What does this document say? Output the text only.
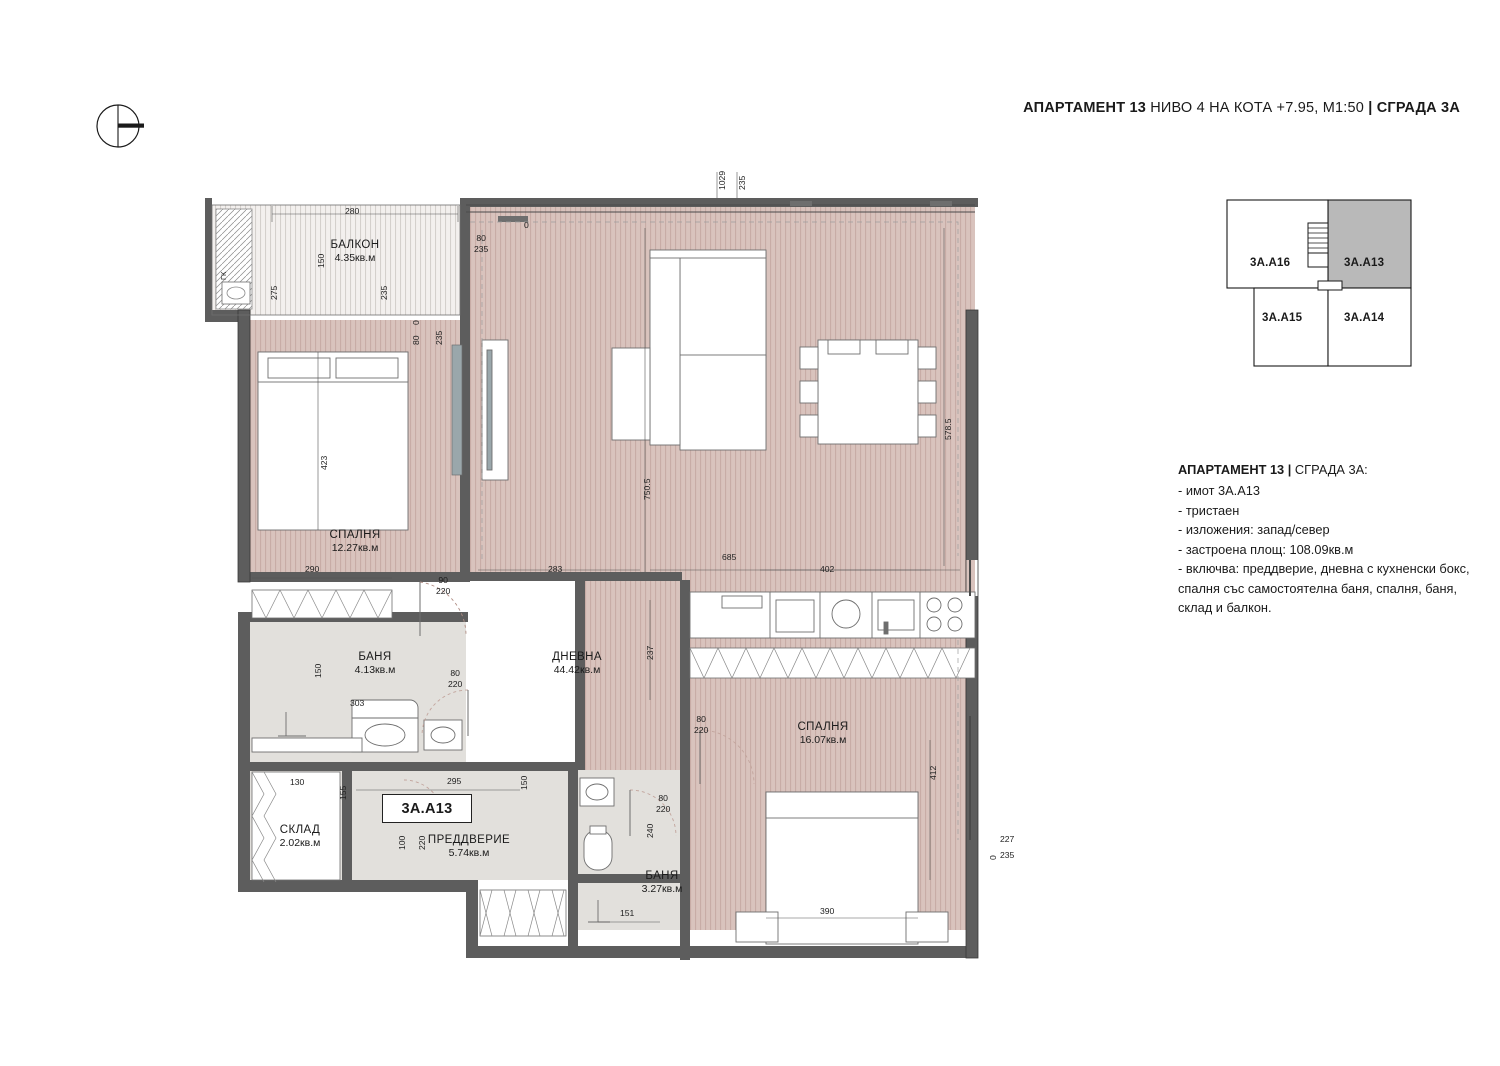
АПАРТАМЕНТ 13 НИВО 4 НА КОТА +7.95, М1:50 | СГРАДА 3А
3А.А16	3А.А13
3А.А15	3А.А14
АПАРТАМЕНТ 13 | СГРАДА 3А:

- имот 3А.А13

- тристаен

- изложения: запад/север

- застроена площ: 108.09кв.м

- включва: преддверие, дневна с кухненски бокс, спалня със самостоятелна баня, спалня, баня, склад и балкон.

3А.А13
БАЛКОН
4.35кв.м
СПАЛНЯ
12.27кв.м
БАНЯ
4.13кв.м
ДНЕВНА
44.42кв.м
СПАЛНЯ
16.07кв.м
СКЛАД
2.02кв.м	ПРЕДДВЕРИЕ
5.74кв.м
БАНЯ
3.27кв.м
ГК
280
1029 235
150
275	235
80
235
0
80 235
0
423
290
750.5
578.5
283
685
402
90
220
80
220
150
303
237
80
220
80
220
295	150
130
155
100 220
240
151	390
412
227
235
0
